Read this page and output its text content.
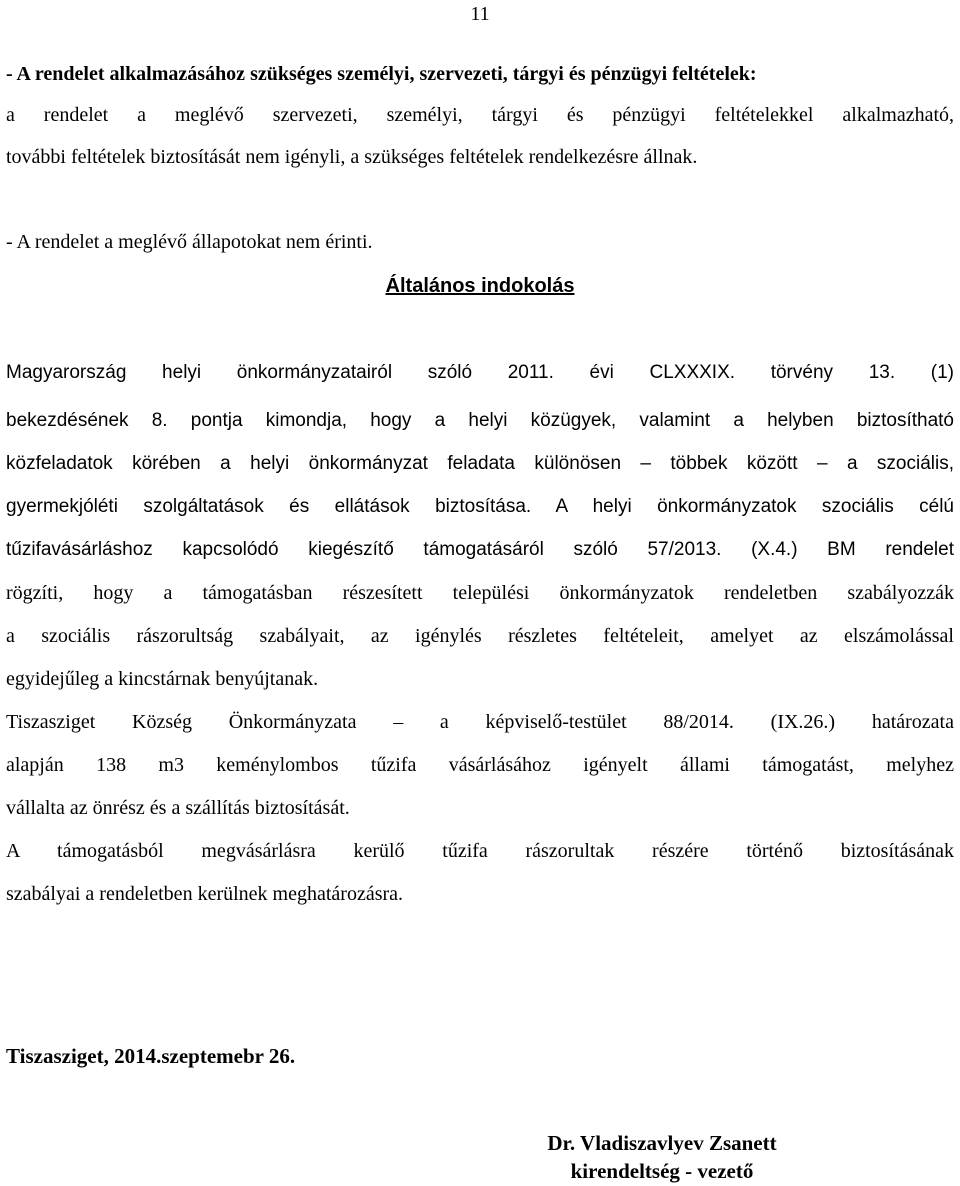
11
- A rendelet alkalmazásához szükséges személyi, szervezeti, tárgyi és pénzügyi feltételek:
a rendelet a meglévő szervezeti, személyi, tárgyi és pénzügyi feltételekkel alkalmazható,
további feltételek biztosítását nem igényli, a szükséges feltételek rendelkezésre állnak.
- A rendelet a meglévő állapotokat nem érinti.
Általános indokolás
Magyarország helyi önkormányzatairól szóló 2011. évi CLXXXIX. törvény 13. (1)
bekezdésének 8. pontja kimondja, hogy a helyi közügyek, valamint a helyben biztosítható
közfeladatok körében a helyi önkormányzat feladata különösen – többek között – a szociális,
gyermekjóléti szolgáltatások és ellátások biztosítása. A helyi önkormányzatok szociális célú
tűzifavásárláshoz kapcsolódó kiegészítő támogatásáról szóló 57/2013. (X.4.) BM rendelet
rögzíti, hogy a támogatásban részesített települési önkormányzatok rendeletben szabályozzák
a szociális rászorultság szabályait, az igénylés részletes feltételeit, amelyet az elszámolással
egyidejűleg a kincstárnak benyújtanak.
Tiszasziget Község Önkormányzata – a képviselő-testület 88/2014. (IX.26.) határozata
alapján 138 m3 keménylombos tűzifa vásárlásához igényelt állami támogatást, melyhez
vállalta az önrész és a szállítás biztosítását.
A támogatásból megvásárlásra kerülő tűzifa rászorultak részére történő biztosításának
szabályai a rendeletben kerülnek meghatározásra.
Tiszasziget, 2014.szeptemebr 26.
Dr. Vladiszavlyev Zsanett
kirendeltség - vezető
